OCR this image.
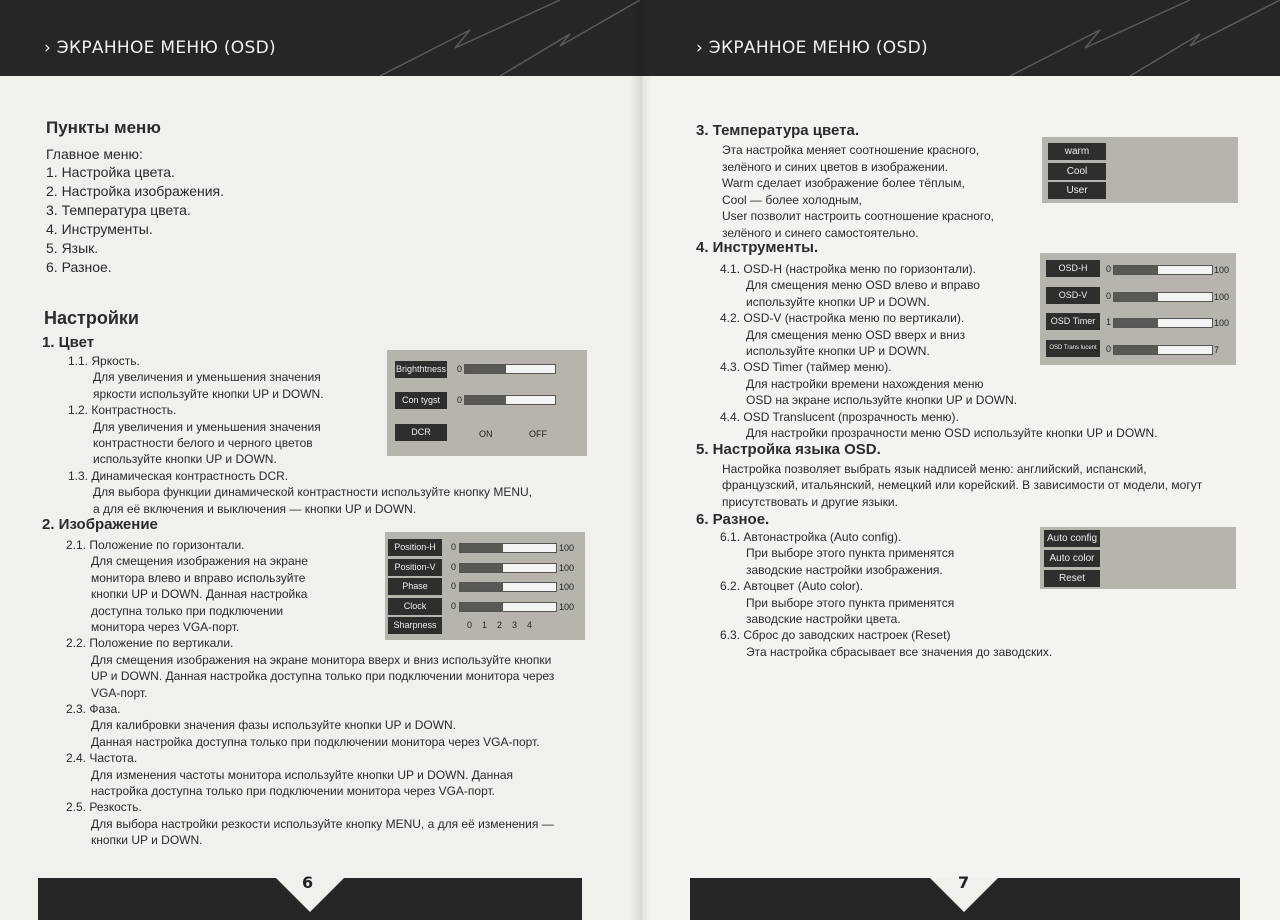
› ЭКРАННОЕ МЕНЮ (OSD)
Пункты меню
Главное меню:
1. Настройка цвета.
2. Настройка изображения.
3. Температура цвета.
4. Инструменты.
5. Язык.
6. Разное.
Настройки
1. Цвет
1.1. Яркость.
Для увеличения и уменьшения значения
яркости используйте кнопки UP и DOWN.
1.2. Контрастность.
Для увеличения и уменьшения значения
контрастности белого и черного цветов
используйте кнопки UP и DOWN.
1.3. Динамическая контрастность DCR.
Для выбора функции динамической контрастности используйте кнопку MENU,
а для её включения и выключения — кнопки UP и DOWN.
Brighthtness 0
Con tygst	0
DCR	ON	OFF
2. Изображение
2.1. Положение по горизонтали.
Для смещения изображения на экране
монитора влево и вправо используйте
кнопки UP и DOWN. Данная настройка
доступна только при подключении
монитора через VGA-порт.
2.2. Положение по вертикали.
Для смещения изображения на экране монитора вверх и вниз используйте кнопки
UP и DOWN. Данная настройка доступна только при подключении монитора через
VGA-порт.
2.3. Фаза.
Для калибровки значения фазы используйте кнопки UP и DOWN.
Данная настройка доступна только при подключении монитора через VGA-порт.
2.4. Частота.
Для изменения частоты монитора используйте кнопки UP и DOWN. Данная
настройка доступна только при подключении монитора через VGA-порт.
2.5. Резкость.
Для выбора настройки резкости используйте кнопку MENU, а для её изменения —
кнопки UP и DOWN.
Position-H	0	100
Position-V	0	100
Phase	0	100
Clock	0	100
Sharpness	0    1    2    3    4
6
› ЭКРАННОЕ МЕНЮ (OSD)
3. Температура цвета.
Эта настройка меняет соотношение красного,
зелёного и синих цветов в изображении.
Warm сделает изображение более тёплым,
Cool — более холодным,
User позволит настроить соотношение красного,
зелёного и синего самостоятельно.
warm
Cool
User
4. Инструменты.
4.1. OSD-H (настройка меню по горизонтали).
Для смещения меню OSD влево и вправо
используйте кнопки UP и DOWN.
4.2. OSD-V (настройка меню по вертикали).
Для смещения меню OSD вверх и вниз
используйте кнопки UP и DOWN.
4.3. OSD Timer (таймер меню).
Для настройки времени нахождения меню
OSD на экране используйте кнопки UP и DOWN.
4.4. OSD Translucent (прозрачность меню).
Для настройки прозрачности меню OSD используйте кнопки UP и DOWN.
OSD-H	0	100
OSD-V	0	100
OSD Timer	1	100
OSD Trans lucent	0	7
5. Настройка языка OSD.
Настройка позволяет выбрать язык надписей меню: английский, испанский,
французский, итальянский, немецкий или корейский. В зависимости от модели, могут
присутствовать и другие языки.
6. Разное.
6.1. Автонастройка (Auto config).
При выборе этого пункта применятся
заводские настройки изображения.
6.2. Автоцвет (Auto color).
При выборе этого пункта применятся
заводские настройки цвета.
6.3. Сброс до заводских настроек (Reset)
Эта настройка сбрасывает все значения до заводских.
Auto config
Auto color
Reset
7
